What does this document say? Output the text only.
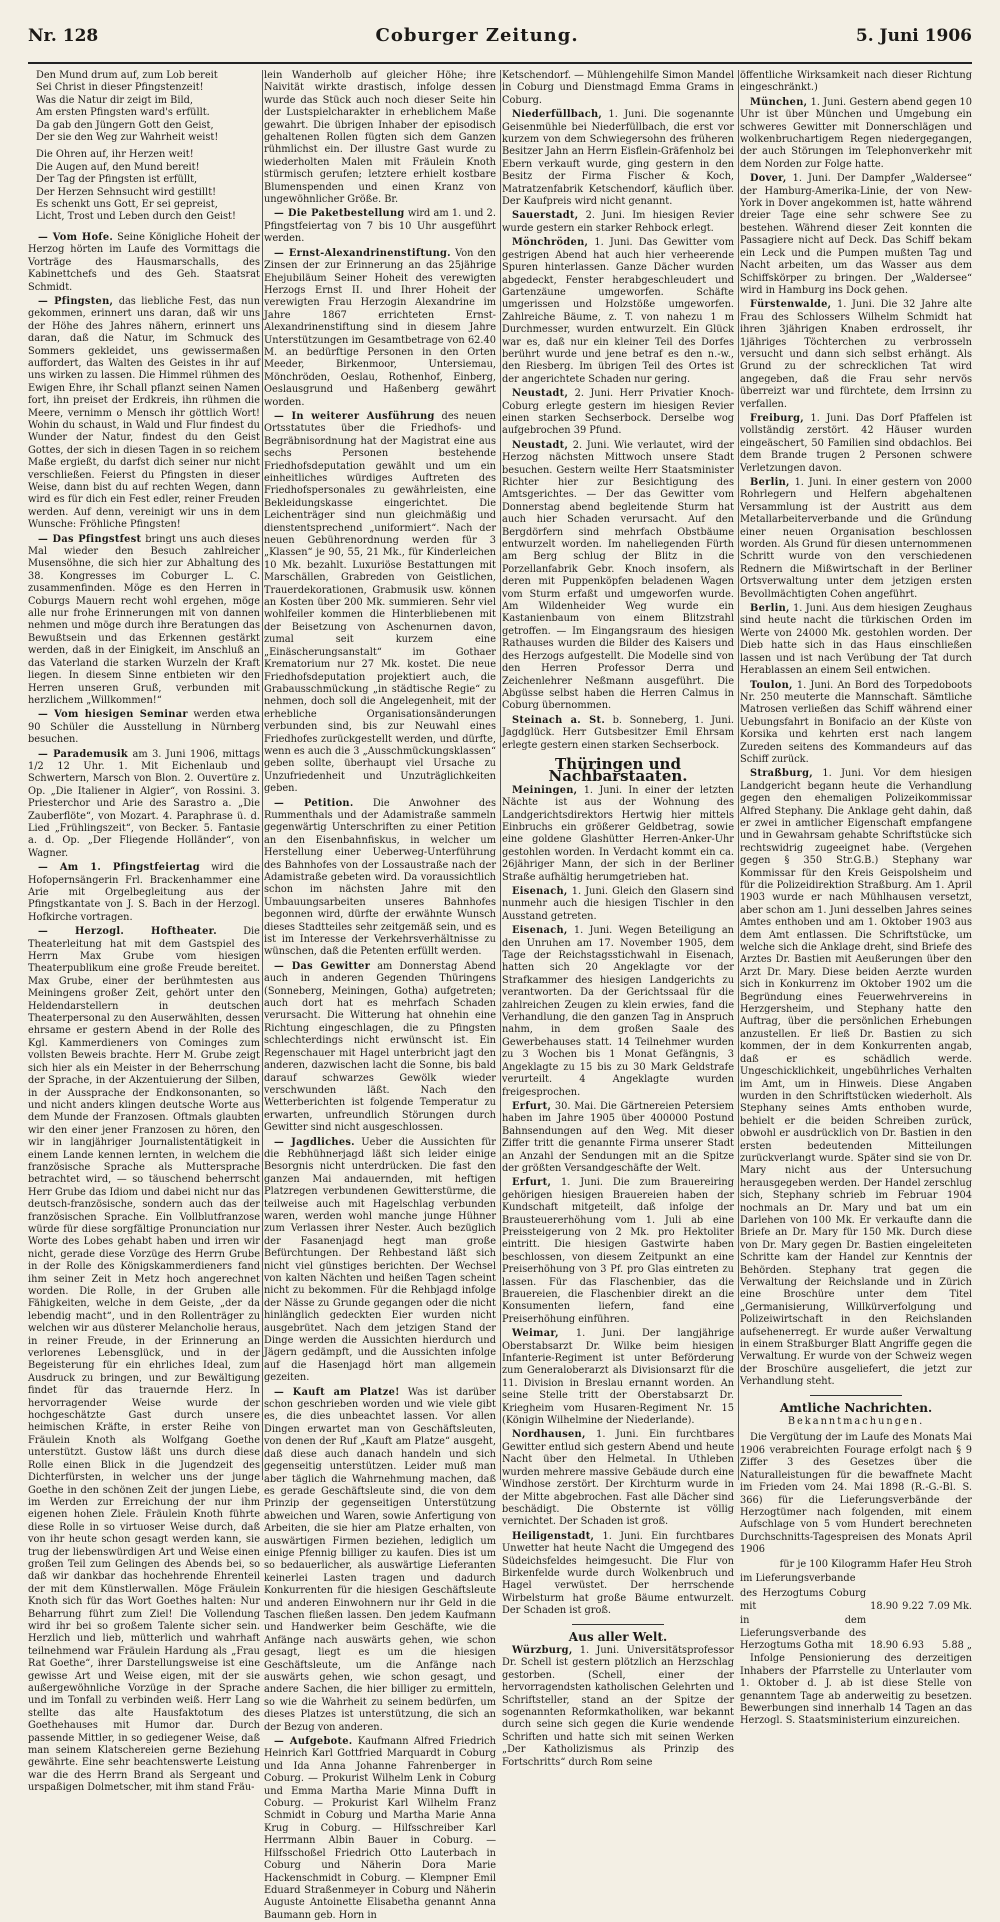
Nr. 128	Coburger Zeitung.	5. Juni 1906
Den Mund drum auf, zum Lob bereit
Sei Christ in dieser Pfingstenzeit!
Was die Natur dir zeigt im Bild,
Am ersten Pfingsten ward's erfüllt.
Da gab den Jüngern Gott den Geist,
Der sie den Weg zur Wahrheit weist!
Die Ohren auf, ihr Herzen weit!
Die Augen auf, den Mund bereit!
Der Tag der Pfingsten ist erfüllt,
Der Herzen Sehnsucht wird gestillt!
Es schenkt uns Gott, Er sei gepreist,
Licht, Trost und Leben durch den Geist!

— Vom Hofe. Seine Königliche Hoheit der Herzog hörten im Laufe des Vormittags die Vorträge des Hausmarschalls, des Kabinettchefs und des Geh. Staatsrat Schmidt.

— Pfingsten, das liebliche Fest, das nun gekommen, erinnert uns daran, daß wir uns der Höhe des Jahres nähern, erinnert uns daran, daß die Natur, im Schmuck des Sommers gekleidet, uns gewissermaßen auffordert, das Walten des Geistes in ihr auf uns wirken zu lassen. Die Himmel rühmen des Ewigen Ehre, ihr Schall pflanzt seinen Namen fort, ihn preiset der Erdkreis, ihn rühmen die Meere, vernimm o Mensch ihr göttlich Wort! Wohin du schaust, in Wald und Flur findest du Wunder der Natur, findest du den Geist Gottes, der sich in diesen Tagen in so reichem Maße ergießt, du darfst dich seiner nur nicht verschließen. Feierst du Pfingsten in dieser Weise, dann bist du auf rechten Wegen, dann wird es für dich ein Fest edler, reiner Freuden werden. Auf denn, vereinigt wir uns in dem Wunsche: Fröhliche Pfingsten!

— Das Pfingstfest bringt uns auch dieses Mal wieder den Besuch zahlreicher Musensöhne, die sich hier zur Abhaltung des 38. Kongresses im Coburger L. C. zusammenfinden. Möge es den Herren in Coburgs Mauern recht wohl ergehen, möge alle nur frohe Erinnerungen mit von dannen nehmen und möge durch ihre Beratungen das Bewußtsein und das Erkennen gestärkt werden, daß in der Einigkeit, im Anschluß an das Vaterland die starken Wurzeln der Kraft liegen. In diesem Sinne entbieten wir den Herren unseren Gruß, verbunden mit herzlichem „Willkommen!“

— Vom hiesigen Seminar werden etwa 90 Schüler die Ausstellung in Nürnberg besuchen.

— Parademusik am 3. Juni 1906, mittags 1/2 12 Uhr. 1. Mit Eichenlaub und Schwertern, Marsch von Blon. 2. Ouvertüre z. Op. „Die Italiener in Algier“, von Rossini. 3. Priesterchor und Arie des Sarastro a. „Die Zauberflöte“, von Mozart. 4. Paraphrase ü. d. Lied „Frühlingszeit“, von Becker. 5. Fantasie a. d. Op. „Der Fliegende Holländer“, von Wagner.

— Am 1. Pfingstfeiertag wird die Hofopernsängerin Frl. Brackenhammer eine Arie mit Orgelbegleitung aus der Pfingstkantate von J. S. Bach in der Herzogl. Hofkirche vortragen.

— Herzogl. Hoftheater.	Die Theaterleitung hat mit dem Gastspiel des Herrn Max Grube vom hiesigen Theaterpublikum eine große Freude bereitet. Max Grube, einer der berühmtesten aus Meiningens großer Zeit, gehört unter den Heldendarstellern in deutschen Theaterpersonal zu den Auserwählten, dessen ehrsame er gestern Abend in der Rolle des Kgl. Kammerdieners von Cominges zum vollsten Beweis brachte. Herr M. Grube zeigt sich hier als ein Meister in der Beherrschung der Sprache, in der Akzentuierung der Silben, in der Aussprache der Endkonsonanten, so und nicht anders klingen deutsche Worte aus dem Munde der Franzosen. Oftmals glaubten wir den einer jener Franzosen zu hören, den wir in langjähriger Journalistentätigkeit in einem Lande kennen lernten, in welchem die französische Sprache als Muttersprache betrachtet wird, — so täuschend beherrscht Herr Grube das Idiom und dabei nicht nur das deutsch-französische, sondern auch das der französischen Sprache. Ein Vollblutfranzose würde für diese sorgfältige Pronunciation nur Worte des Lobes gehabt haben und irren wir nicht, gerade diese Vorzüge des Herrn Grube in der Rolle des Königskammerdieners fand ihm seiner Zeit in Metz hoch angerechnet worden. Die Rolle, in der Gruben alle Fähigkeiten, welche in dem Geiste, „der da lebendig macht“, und in den Rollenträger zu welchen wir aus düsterer Melancholie heraus, in reiner Freude, in der Erinnerung an verlorenes Lebensglück, und in der Begeisterung für ein ehrliches Ideal, zum Ausdruck zu bringen, und zur Bewältigung findet für das trauernde Herz. In hervorragender Weise wurde der hochgeschätzte Gast durch unsere heimischen Kräfte, in erster Reihe von Fräulein Knoth als Wolfgang Goethe unterstützt. Gustow läßt uns durch diese Rolle einen Blick in die Jugendzeit des Dichterfürsten, in welcher uns der junge Goethe in den schönen Zeit der jungen Liebe, im Werden zur Erreichung der nur ihm eigenen hohen Ziele. Fräulein Knoth führte diese Rolle in so virtuoser Weise durch, daß von ihr heute schon gesagt werden kann, sie trug der liebenswürdigen Art und Weise einen großen Teil zum Gelingen des Abends bei, so daß wir dankbar das hochehrende Ehrenteil der mit dem Künstlerwallen. Möge Fräulein Knoth sich für das Wort Goethes halten: Nur Beharrung führt zum Ziel! Die Vollendung wird ihr bei so großem Talente sicher sein. Herzlich und lieb, mütterlich und wahrhaft teilnehmend war Fräulein Hardung als „Frau Rat Goethe“, ihrer Darstellungsweise ist eine gewisse Art und Weise eigen, mit der sie außergewöhnliche Vorzüge in der Sprache und im Tonfall zu verbinden weiß. Herr Lang stellte das alte Hausfaktotum des Goethehauses mit Humor dar. Durch passende Mittler, in so gediegener Weise, daß man seinem Klatschereien gerne Beziehung gewährte. Eine sehr beachtenswerte Leistung war die des Herrn Brand als Sergeant und urspaßigen Dolmetscher, mit ihm stand Fräu-

lein Wanderholb auf gleicher Höhe; ihre Naivität wirkte drastisch, infolge dessen wurde das Stück auch noch dieser Seite hin der Lustspielcharakter in erheblichem Maße gewahrt. Die übrigen Inhaber der episodisch gehaltenen Rollen fügten sich dem Ganzen rühmlichst ein. Der illustre Gast wurde zu wiederholten Malen mit Fräulein Knoth stürmisch gerufen; letztere erhielt kostbare Blumenspenden und einen Kranz von ungewöhnlicher Größe. Br.

— Die Paketbestellung wird am 1. und 2. Pfingstfeiertag von 7 bis 10 Uhr ausgeführt werden.

— Ernst-Alexandrinenstiftung. Von den Zinsen der zur Erinnerung an das 25jährige Ehejubiläum Seiner Hoheit des verewigten Herzogs Ernst II. und Ihrer Hoheit der verewigten Frau Herzogin Alexandrine im Jahre 1867 errichteten Ernst-Alexandrinenstiftung sind in diesem Jahre Unterstützungen im Gesamtbetrage von 62.40 M. an bedürftige Personen in den Orten Meeder, Birkenmoor, Untersiemau, Mönchröden, Oeslau, Rothenhof, Einberg, Oeslausgrund und Haßenberg gewährt worden.

— In weiterer Ausführung des neuen Ortsstatutes über die Friedhofs- und Begräbnisordnung hat der Magistrat eine aus sechs Personen bestehende Friedhofsdeputation gewählt und um ein einheitliches würdiges Auftreten des Friedhofspersonales zu gewährleisten, eine Bekleidungskasse eingerichtet. Die Leichenträger sind nun gleichmäßig und dienstentsprechend „uniformiert“. Nach der neuen Gebührenordnung werden für 3 „Klassen“ je 90, 55, 21 Mk., für Kinderleichen 10 Mk. bezahlt. Luxuriöse Bestattungen mit Marschällen, Grabreden von Geistlichen, Trauerdekorationen, Grabmusik usw. können an Kosten über 200 Mk. summieren. Sehr viel wohlfeiler kommen die Hinterbliebenen mit der Beisetzung von Aschenurnen davon, zumal seit kurzem eine „Einäscherungsanstalt“ im Gothaer Krematorium nur 27 Mk. kostet. Die neue Friedhofsdeputation projektiert auch, die Grabausschmückung „in städtische Regie“ zu nehmen, doch soll die Angelegenheit, mit der erhebliche Organisationsänderungen verbunden sind, bis zur Neuwahl eines Friedhofes zurückgestellt werden, und dürfte, wenn es auch die 3 „Ausschmückungsklassen“ geben sollte, überhaupt viel Ursache zu Unzufriedenheit und Unzuträglichkeiten geben.

— Petition. Die Anwohner des Rummenthals und der Adamistraße sammeln gegenwärtig Unterschriften zu einer Petition an den Eisenbahnfiskus, in welcher um Herstellung einer Ueberweg-Unterführung des Bahnhofes von der Lossaustraße nach der Adamistraße gebeten wird. Da voraussichtlich schon im nächsten Jahre mit den Umbauungsarbeiten unseres Bahnhofes begonnen wird, dürfte der erwähnte Wunsch dieses Stadtteiles sehr zeitgemäß sein, und es ist im Interesse der Verkehrsverhältnisse zu wünschen, daß die Petenten erfüllt werden.

— Das Gewitter am Donnerstag Abend auch in anderen Gegenden Thüringens (Sonneberg, Meiningen, Gotha) aufgetreten; auch dort hat es mehrfach Schaden verursacht. Die Witterung hat ohnehin eine Richtung eingeschlagen, die zu Pfingsten schlechterdings nicht erwünscht ist. Ein Regenschauer mit Hagel unterbricht jagt den anderen, dazwischen lacht die Sonne, bis bald darauf schwarzes Gewölk wieder verschwunden läßt. Nach den Wetterberichten ist folgende Temperatur zu erwarten, unfreundlich Störungen durch Gewitter sind nicht ausgeschlossen.

— Jagdliches. Ueber die Aussichten für die Rebhühnerjagd läßt sich leider einige Besorgnis nicht unterdrücken. Die fast den ganzen Mai andauernden, mit heftigen Platzregen verbundenen Gewitterstürme, die teilweise auch mit Hagelschlag verbunden waren, werden wohl manche junge Hühner zum Verlassen ihrer Nester. Auch bezüglich der Fasanenjagd hegt man große Befürchtungen. Der Rehbestand läßt sich nicht viel günstiges berichten. Der Wechsel von kalten Nächten und heißen Tagen scheint nicht zu bekommen. Für die Rehbjagd infolge der Nässe zu Grunde gegangen oder die nicht hinlänglich gedeckten Eier wurden nicht ausgebrütet. Nach dem jetzigen Stand der Dinge werden die Aussichten hierdurch und Jägern gedämpft, und die Aussichten infolge auf die Hasenjagd hört man allgemein gezeiten.

— Kauft am Platze! Was ist darüber schon geschrieben worden und wie viele gibt es, die dies unbeachtet lassen. Vor allen Dingen erwartet man von Geschäftsleuten, von denen der Ruf „Kauft am Platze“ ausgeht, daß diese auch danach handeln und sich gegenseitig unterstützen. Leider muß man aber täglich die Wahrnehmung machen, daß es gerade Geschäftsleute sind, die von dem Prinzip der gegenseitigen Unterstützung abweichen und Waren, sowie Anfertigung von Arbeiten, die sie hier am Platze erhalten, von auswärtigen Firmen beziehen, lediglich um einige Pfennig billiger zu kaufen. Dies ist um so bedauerlicher, als auswärtige Lieferanten keinerlei Lasten tragen und dadurch Konkurrenten für die hiesigen Geschäftsleute und anderen Einwohnern nur ihr Geld in die Taschen fließen lassen. Den jedem Kaufmann und Handwerker beim Geschäfte, wie die Anfänge nach auswärts gehen, wie schon gesagt, liegt es um die hiesigen Geschäftsleute, um die Anfänge nach auswärts gehen, wie schon gesagt, und andere Sachen, die hier billiger zu ermitteln, so wie die Wahrheit zu seinem bedürfen, um dieses Platzes ist unterstützung, die sich an der Bezug von anderen.

— Aufgebote. Kaufmann Alfred Friedrich Heinrich Karl Gottfried Marquardt in Coburg und Ida Anna Johanne Fahrenberger in Coburg. — Prokurist Wilhelm Lenk in Coburg und Emma Martha Marie Minna Dufft in Coburg. — Prokurist Karl Wilhelm Franz Schmidt in Coburg und Martha Marie Anna Krug in Coburg. — Hilfsschreiber Karl Herrmann Albin Bauer in Coburg. — Hilfsschoßel Friedrich Otto Lauterbach in Coburg und Näherin Dora Marie Hackenschmidt in Coburg. — Klempner Emil Eduard Straßenmeyer in Coburg und Näherin Auguste Antoinette Elisabetha genannt Anna Baumann geb. Horn in

Ketschendorf. — Mühlengehilfe Simon Mandel in Coburg und Dienstmagd Emma Grams in Coburg.

Niederfüllbach, 1. Juni. Die sogenannte Geisenmühle bei Niederfüllbach, die erst vor kurzem von dem Schwiegersohn des früheren Besitzer Jahn an Herrn Eisflein-Gräfenholz bei Ebern verkauft wurde, ging gestern in den Besitz der Firma Fischer & Koch, Matratzenfabrik Ketschendorf, käuflich über. Der Kaufpreis wird nicht genannt.

Sauerstadt, 2. Juni. Im hiesigen Revier wurde gestern ein starker Rehbock erlegt.

Mönchröden, 1. Juni. Das Gewitter vom gestrigen Abend hat auch hier verheerende Spuren hinterlassen. Ganze Dächer wurden abgedeckt, Fenster herabgeschleudert und Gartenzäune umgeworfen. Schäfte umgerissen und Holzstöße umgeworfen. Zahlreiche Bäume, z. T. von nahezu 1 m Durchmesser, wurden entwurzelt. Ein Glück war es, daß nur ein kleiner Teil des Dorfes berührt wurde und jene betraf es den n.-w., den Riesberg. Im übrigen Teil des Ortes ist der angerichtete Schaden nur gering.

Neustadt, 2. Juni. Herr Privatier Knoch-Coburg erlegte gestern im hiesigen Revier einen starken Sechserbock. Derselbe wog aufgebrochen 39 Pfund.

Neustadt, 2. Juni. Wie verlautet, wird der Herzog nächsten Mittwoch unsere Stadt besuchen. Gestern weilte Herr Staatsminister Richter hier zur Besichtigung des Amtsgerichtes. — Der das Gewitter vom Donnerstag abend begleitende Sturm hat auch hier Schaden verursacht. Auf den Bergdörfern sind mehrfach Obstbäume entwurzelt worden. Im naheliegenden Fürth am Berg schlug der Blitz in die Porzellanfabrik Gebr. Knoch insofern, als deren mit Puppenköpfen beladenen Wagen vom Sturm erfaßt und umgeworfen wurde. Am Wildenheider Weg wurde ein Kastanienbaum von einem Blitzstrahl getroffen. — Im Eingangsraum des hiesigen Rathauses wurden die Bilder des Kaisers und des Herzogs aufgestellt. Die Modelle sind von den Herren Professor Derra und Zeichenlehrer Neßmann ausgeführt. Die Abgüsse selbst haben die Herren Calmus in Coburg übernommen.

Steinach a. St. b. Sonneberg, 1. Juni. Jagdglück. Herr Gutsbesitzer Emil Ehrsam erlegte gestern einen starken Sechserbock.

Thüringen und Nachbarstaaten.

Meiningen, 1. Juni. In einer der letzten Nächte ist aus der Wohnung des Landgerichtsdirektors Hertwig hier mittels Einbruchs ein größerer Geldbetrag, sowie eine goldene Glashütter Herren-Anker-Uhr gestohlen worden. In Verdacht kommt ein ca. 26jähriger Mann, der sich in der Berliner Straße aufhältig herumgetrieben hat.

Eisenach, 1. Juni. Gleich den Glasern sind nunmehr auch die hiesigen Tischler in den Ausstand getreten.

Eisenach, 1. Juni. Wegen Beteiligung an den Unruhen am 17. November 1905, dem Tage der Reichstagsstichwahl in Eisenach, hatten sich 20 Angeklagte vor der Strafkammer des hiesigen Landgerichts zu verantworten. Da der Gerichtssaal für die zahlreichen Zeugen zu klein erwies, fand die Verhandlung, die den ganzen Tag in Anspruch nahm, in dem großen Saale des Gewerbehauses statt. 14 Teilnehmer wurden zu 3 Wochen bis 1 Monat Gefängnis, 3 Angeklagte zu 15 bis zu 30 Mark Geldstrafe verurteilt. 4 Angeklagte wurden freigesprochen.

Erfurt, 30. Mai. Die Gärtnereien Petersiem haben im Jahre 1905 über 400000 Postund Bahnsendungen auf den Weg. Mit dieser Ziffer tritt die genannte Firma unserer Stadt an Anzahl der Sendungen mit an die Spitze der größten Versandgeschäfte der Welt.

Erfurt, 1. Juni. Die zum Brauereiring gehörigen hiesigen Brauereien haben der Kundschaft mitgeteilt, daß infolge der Brausteuererhöhung vom 1. Juli ab eine Preissteigerung von 2 Mk. pro Hektoliter eintritt. Die hiesigen Gastwirte haben beschlossen, von diesem Zeitpunkt an eine Preiserhöhung von 3 Pf. pro Glas eintreten zu lassen. Für das Flaschenbier, das die Brauereien, die Flaschenbier direkt an die Konsumenten liefern, fand eine Preiserhöhung einführen.

Weimar, 1. Juni. Der langjährige Oberstabsarzt Dr. Wilke beim hiesigen Infanterie-Regiment ist unter Beförderung zum Generaloberarzt als Divisionsarzt für die 11. Division in Breslau ernannt worden. An seine Stelle tritt der Oberstabsarzt Dr. Kriegheim vom Husaren-Regiment Nr. 15 (Königin Wilhelmine der Niederlande).

Nordhausen, 1. Juni. Ein furchtbares Gewitter entlud sich gestern Abend und heute Nacht über den Helmetal. In Uthleben wurden mehrere massive Gebäude durch eine Windhose zerstört. Der Kirchturm wurde in der Mitte abgebrochen. Fast alle Dächer sind beschädigt. Die Obsternte ist völlig vernichtet. Der Schaden ist groß.

Heiligenstadt, 1. Juni. Ein furchtbares Unwetter hat heute Nacht die Umgegend des Südeichsfeldes heimgesucht. Die Flur von Birkenfelde wurde durch Wolkenbruch und Hagel verwüstet. Der herrschende Wirbelsturm hat große Bäume entwurzelt. Der Schaden ist groß.

Aus aller Welt.

Würzburg, 1. Juni. Universitätsprofessor Dr. Schell ist gestern plötzlich an Herzschlag gestorben. (Schell, einer der hervorragendsten katholischen Gelehrten und Schriftsteller, stand an der Spitze der sogenannten Reformkatholiken, war bekannt durch seine sich gegen die Kurie wendende Schriften und hatte sich mit seinen Werken „Der Katholizismus als Prinzip des Fortschritts“ durch Rom seine

öffentliche Wirksamkeit nach dieser Richtung eingeschränkt.)

München, 1. Juni. Gestern abend gegen 10 Uhr ist über München und Umgebung ein schweres Gewitter mit Donnerschlägen und wolkenbruchartigem Regen niedergegangen, der auch Störungen im Telephonverkehr mit dem Norden zur Folge hatte.

Dover, 1. Juni. Der Dampfer „Waldersee“ der Hamburg-Amerika-Linie, der von New-York in Dover angekommen ist, hatte während dreier Tage eine sehr schwere See zu bestehen. Während dieser Zeit konnten die Passagiere nicht auf Deck. Das Schiff bekam ein Leck und die Pumpen mußten Tag und Nacht arbeiten, um das Wasser aus dem Schiffskörper zu bringen. Der „Waldersee“ wird in Hamburg ins Dock gehen.

Fürstenwalde, 1. Juni. Die 32 Jahre alte Frau des Schlossers Wilhelm Schmidt hat ihren 3jährigen Knaben erdrosselt, ihr 1jähriges Töchterchen zu verbrosseln versucht und dann sich selbst erhängt. Als Grund zu der schrecklichen Tat wird angegeben, daß die Frau sehr nervös überreizt war und fürchtete, dem Irrsinn zu verfallen.

Freiburg, 1. Juni. Das Dorf Pfaffelen ist vollständig zerstört. 42 Häuser wurden eingeäschert, 50 Familien sind obdachlos. Bei dem Brande trugen 2 Personen schwere Verletzungen davon.

Berlin, 1. Juni. In einer gestern von 2000 Rohrlegern und Helfern abgehaltenen Versammlung ist der Austritt aus dem Metallarbeiterverbande und die Gründung einer neuen Organisation beschlossen worden. Als Grund für diesen unternommenen Schritt wurde von den verschiedenen Rednern die Mißwirtschaft in der Berliner Ortsverwaltung unter dem jetzigen ersten Bevollmächtigten Cohen angeführt.

Berlin, 1. Juni. Aus dem hiesigen Zeughaus sind heute nacht die türkischen Orden im Werte von 24000 Mk. gestohlen worden. Der Dieb hatte sich in das Haus einschließen lassen und ist nach Verübung der Tat durch Herablassen an einem Seil entwichen.

Toulon, 1. Juni. An Bord des Torpedoboots Nr. 250 meuterte die Mannschaft. Sämtliche Matrosen verließen das Schiff während einer Uebungsfahrt in Bonifacio an der Küste von Korsika und kehrten erst nach langem Zureden seitens des Kommandeurs auf das Schiff zurück.

Straßburg, 1. Juni. Vor dem hiesigen Landgericht begann heute die Verhandlung gegen den ehemaligen Polizeikommissar Alfred Stephany. Die Anklage geht dahin, daß er zwei in amtlicher Eigenschaft empfangene und in Gewahrsam gehabte Schriftstücke sich rechtswidrig zugeeignet habe. (Vergehen gegen § 350 Str.G.B.) Stephany war Kommissar für den Kreis Geispolsheim und für die Polizeidirektion Straßburg. Am 1. April 1903 wurde er nach Mühlhausen versetzt, aber schon am 1. Juni desselben Jahres seines Amtes enthoben und am 1. Oktober 1903 aus dem Amt entlassen. Die Schriftstücke, um welche sich die Anklage dreht, sind Briefe des Arztes Dr. Bastien mit Aeußerungen über den Arzt Dr. Mary. Diese beiden Aerzte wurden sich in Konkurrenz im Oktober 1902 um die Begründung eines Feuerwehrvereins in Herzgersheim, und Stephany hatte den Auftrag, über die persönlichen Erhebungen anzustellen. Er ließ Dr. Bastien zu sich kommen, der in dem Konkurrenten angab, daß er es schädlich werde. Ungeschicklichkeit, ungebührliches Verhalten im Amt, um in Hinweis. Diese Angaben wurden in den Schriftstücken wiederholt. Als Stephany seines Amts enthoben wurde, behielt er die beiden Schreiben zurück, obwohl er ausdrücklich von Dr. Bastien in den ersten bedeutenden Mitteilungen zurückverlangt wurde. Später sind sie von Dr. Mary nicht aus der Untersuchung herausgegeben werden. Der Handel zerschlug sich, Stephany schrieb im Februar 1904 nochmals an Dr. Mary und bat um ein Darlehen von 100 Mk. Er verkaufte dann die Briefe an Dr. Mary für 150 Mk. Durch diese von Dr. Mary gegen Dr. Bastien eingeleiteten Schritte kam der Handel zur Kenntnis der Behörden. Stephany trat gegen die Verwaltung der Reichslande und in Zürich eine Broschüre unter dem Titel „Germanisierung, Willkürverfolgung und Polizeiwirtschaft in den Reichslanden aufsehenerregt. Er wurde außer Verwaltung in einem Straßburger Blatt Angriffe gegen die Verwaltung. Er wurde von der Schweiz wegen der Broschüre ausgeliefert, die jetzt zur Verhandlung steht.

Amtliche Nachrichten.
Bekanntmachungen.

Die Vergütung der im Laufe des Monats Mai 1906 verabreichten Fourage erfolgt nach § 9 Ziffer 3 des Gesetzes über die Naturalleistungen für die bewaffnete Macht im Frieden vom 24. Mai 1898 (R.-G.-Bl. S. 366) für die Lieferungsverbände der Herzogtümer nach folgenden, mit einem Aufschlage von 5 vom Hundert berechneten Durchschnitts-Tagespreisen des Monats April 1906

für je 100 Kilogramm Hafer Heu Stroh

im Lieferungsverbande

des Herzogtums Coburg mit	18.90	9.22	7.09 Mk.
in dem Lieferungsverbande des Herzogtums Gotha mit	18.90	6.93	5.88 „

Infolge Pensionierung des derzeitigen Inhabers der Pfarrstelle zu Unterlauter vom 1. Oktober d. J. ab ist diese Stelle von genanntem Tage ab anderweitig zu besetzen. Bewerbungen sind innerhalb 14 Tagen an das Herzogl. S. Staatsministerium einzureichen.
